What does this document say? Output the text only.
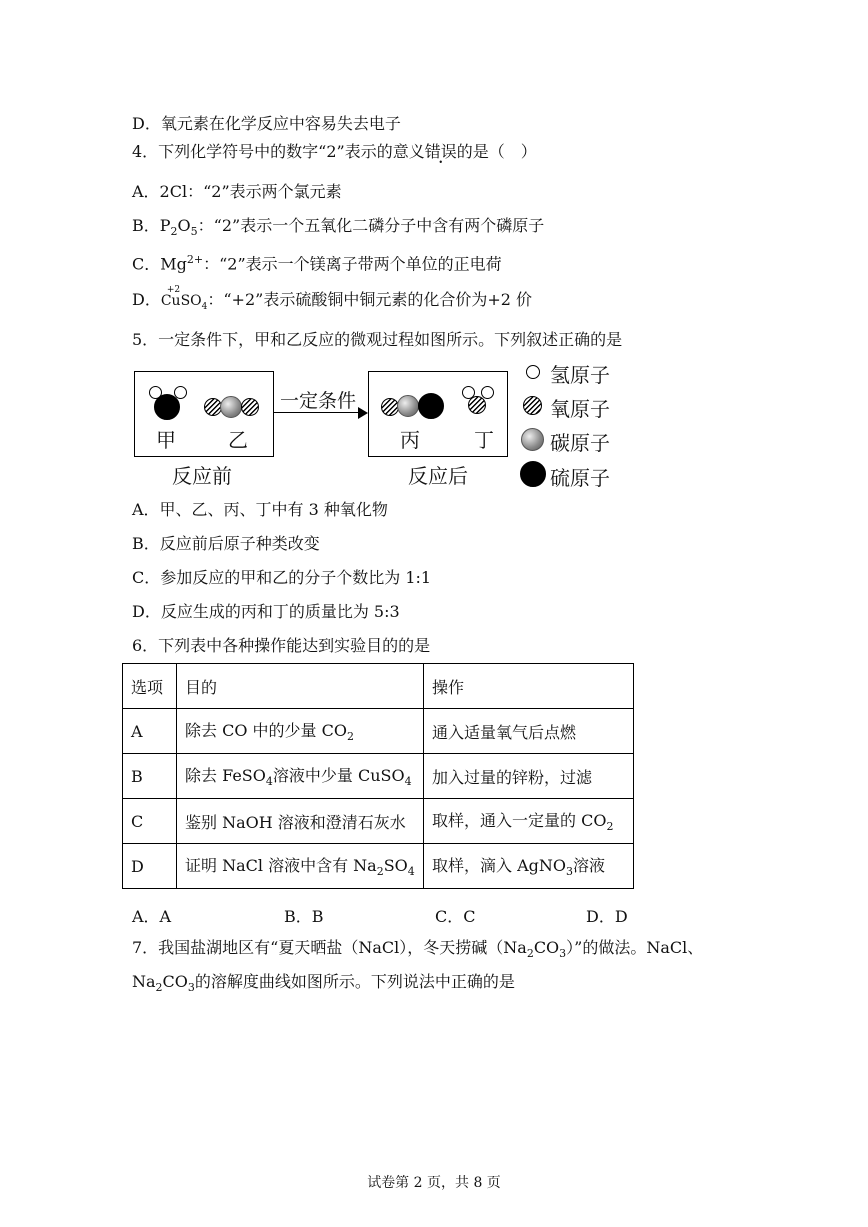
D．氧元素在化学反应中容易失去电子
4．下列化学符号中的数字“2”表示的意义错误的是（　）
A．2Cl：“2”表示两个氯元素
B．$P_2O_5$：“2”表示一个五氧化二磷分子中含有两个磷原子
C．$Mg^{2+}$：“2”表示一个镁离子带两个单位的正电荷
D． +2
CuSO$_4$：“+2”表示硫酸铜中铜元素的化合价为+2 价
5．一定条件下，甲和乙反应的微观过程如图所示。下列叙述正确的是
甲	乙
反应前
一定条件
丙	丁
反应后
氢原子
氧原子
碳原子
硫原子
A．甲、乙、丙、丁中有 3 种氧化物
B．反应前后原子种类改变
C．参加反应的甲和乙的分子个数比为 1:1
D．反应生成的丙和丁的质量比为 5:3
6．下列表中各种操作能达到实验目的的是
选项	目的	操作
A	除去 CO 中的少量 $CO_2$	通入适量氧气后点燃
B	除去 FeSO$_4$溶液中少量 CuSO$_4$	加入过量的锌粉，过滤
C	鉴别 NaOH 溶液和澄清石灰水	取样，通入一定量的 $CO_2$
D	证明 NaCl 溶液中含有 $Na_2SO_4$	取样，滴入 AgNO$_3$溶液
A．A	B．B	C．C	D．D
7．我国盐湖地区有“夏天晒盐（NaCl），冬天捞碱$(Na_2CO_3)$”的做法。NaCl、
$Na_2CO_3$的溶解度曲线如图所示。下列说法中正确的是
试卷第 2 页，共 8 页
